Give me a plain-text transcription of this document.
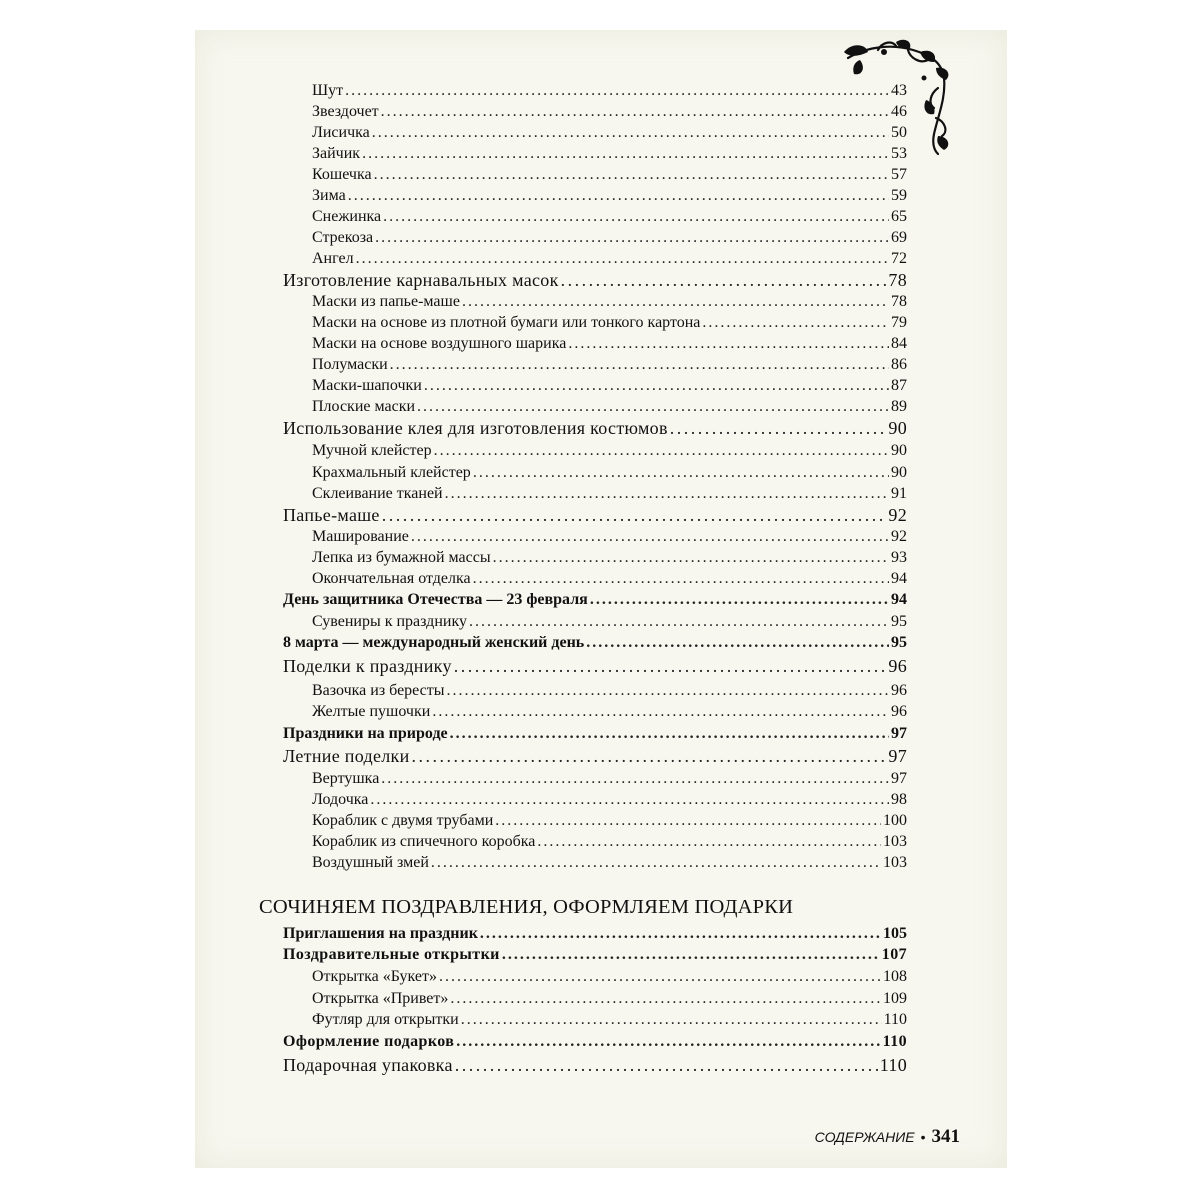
СОЧИНЯЕМ ПОЗДРАВЛЕНИЯ, ОФОРМЛЯЕМ ПОДАРКИ
СОДЕРЖАНИЕ • 341
Шут . . .	43
Звездочет . . .	46
Лисичка . . .	50
Зайчик . . .	53
Кошечка . . .	57
Зима . . .	59
Снежинка . . .	65
Стрекоза . . .	69
Ангел . . .	72
Изготовление карнавальных масок . . .	78
Маски из папье-маше . . .	78
Маски на основе из плотной бумаги или тонкого картона . . .	79
Маски на основе воздушного шарика . . .	84
Полумаски . . .	86
Маски-шапочки . . .	87
Плоские маски . . .	89
Использование клея для изготовления костюмов . . .	90
Мучной клейстер . . .	90
Крахмальный клейстер . . .	90
Склеивание тканей . . .	91
Папье-маше . . .	92
Маширование . . .	92
Лепка из бумажной массы . . .	93
Окончательная отделка . . .	94
День защитника Отечества — 23 февраля . . .	94
Сувениры к празднику . . .	95
8 марта — международный женский день . . .	95
Поделки к празднику . . .	96
Вазочка из бересты . . .	96
Желтые пушочки . . .	96
Праздники на природе . . .	97
Летние поделки . . .	97
Вертушка . . .	97
Лодочка . . .	98
Кораблик с двумя трубами . . .	100
Кораблик из спичечного коробка . . .	103
Воздушный змей . . .	103
Приглашения на праздник . . .	105
Поздравительные открытки . . .	107
Открытка «Букет» . . .	108
Открытка «Привет» . . .	109
Футляр для открытки . . .	110
Оформление подарков . . .	110
Подарочная упаковка . . .	110
